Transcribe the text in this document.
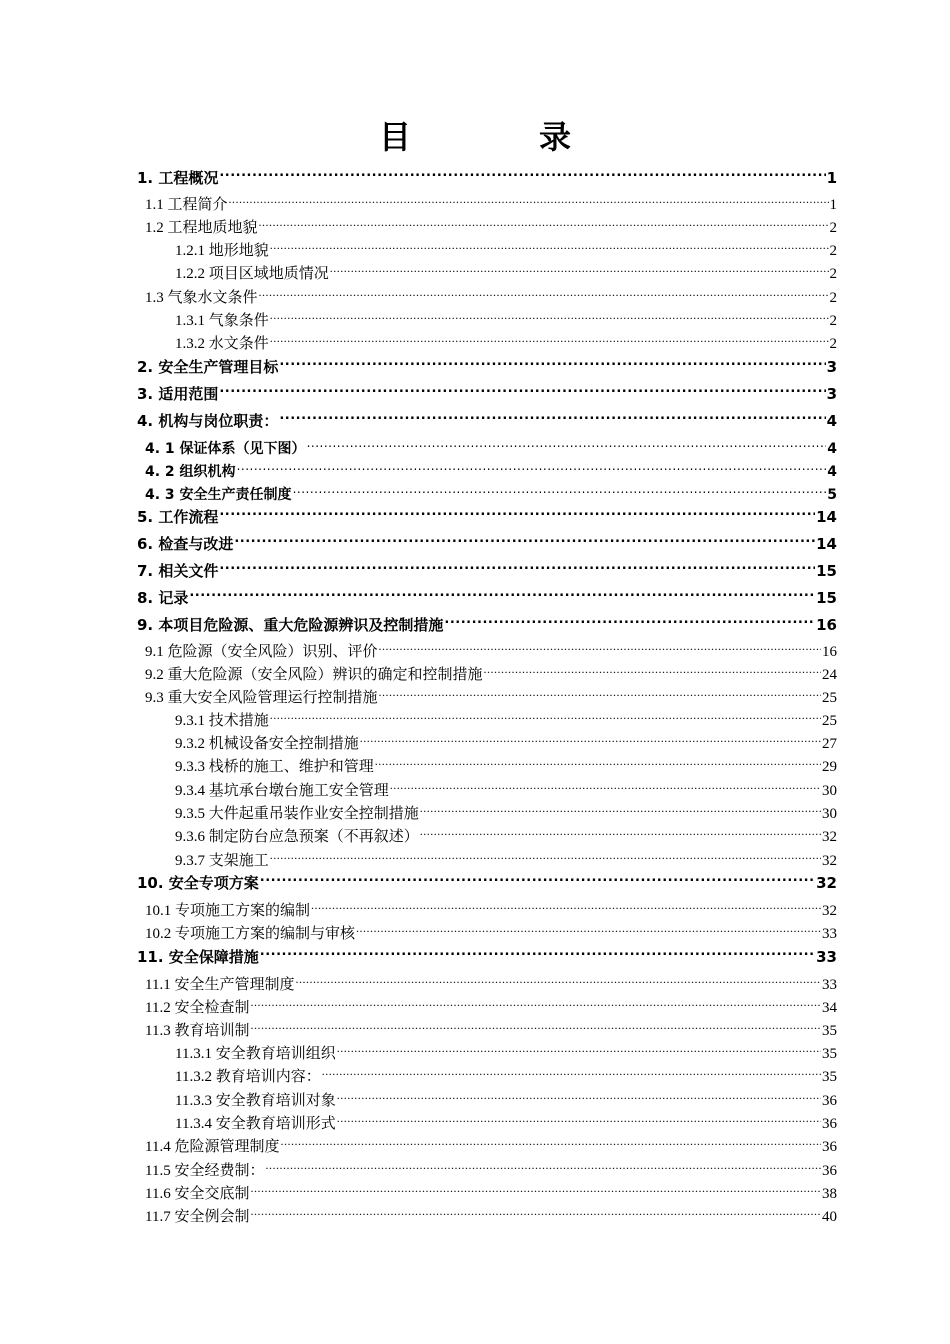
目　录
1. 工程概况 .....	1
1.1 工程简介 .....	1
1.2 工程地质地貌 .....	2
1.2.1 地形地貌 .....	2
1.2.2 项目区域地质情况 .....	2
1.3 气象水文条件 .....	2
1.3.1 气象条件 .....	2
1.3.2 水文条件 .....	2
2. 安全生产管理目标 .....	3
3. 适用范围 .....	3
4. 机构与岗位职责： .....	4
4. 1 保证体系（见下图） .....	4
4. 2 组织机构 .....	4
4. 3 安全生产责任制度 .....	5
5. 工作流程 .....	14
6. 检查与改进 .....	14
7. 相关文件 .....	15
8. 记录 .....	15
9. 本项目危险源、重大危险源辨识及控制措施 .....	16
9.1 危险源（安全风险）识别、评价 .....	16
9.2 重大危险源（安全风险）辨识的确定和控制措施 .....	24
9.3 重大安全风险管理运行控制措施 .....	25
9.3.1 技术措施 .....	25
9.3.2 机械设备安全控制措施 .....	27
9.3.3 栈桥的施工、维护和管理 .....	29
9.3.4 基坑承台墩台施工安全管理 .....	30
9.3.5 大件起重吊装作业安全控制措施 .....	30
9.3.6 制定防台应急预案（不再叙述） .....	32
9.3.7 支架施工 .....	32
10. 安全专项方案 .....	32
10.1 专项施工方案的编制 .....	32
10.2 专项施工方案的编制与审核 .....	33
11. 安全保障措施 .....	33
11.1 安全生产管理制度 .....	33
11.2 安全检查制 .....	34
11.3 教育培训制 .....	35
11.3.1 安全教育培训组织 .....	35
11.3.2 教育培训内容： .....	35
11.3.3 安全教育培训对象 .....	36
11.3.4 安全教育培训形式 .....	36
11.4 危险源管理制度 .....	36
11.5 安全经费制： .....	36
11.6 安全交底制 .....	38
11.7 安全例会制 .....	40
